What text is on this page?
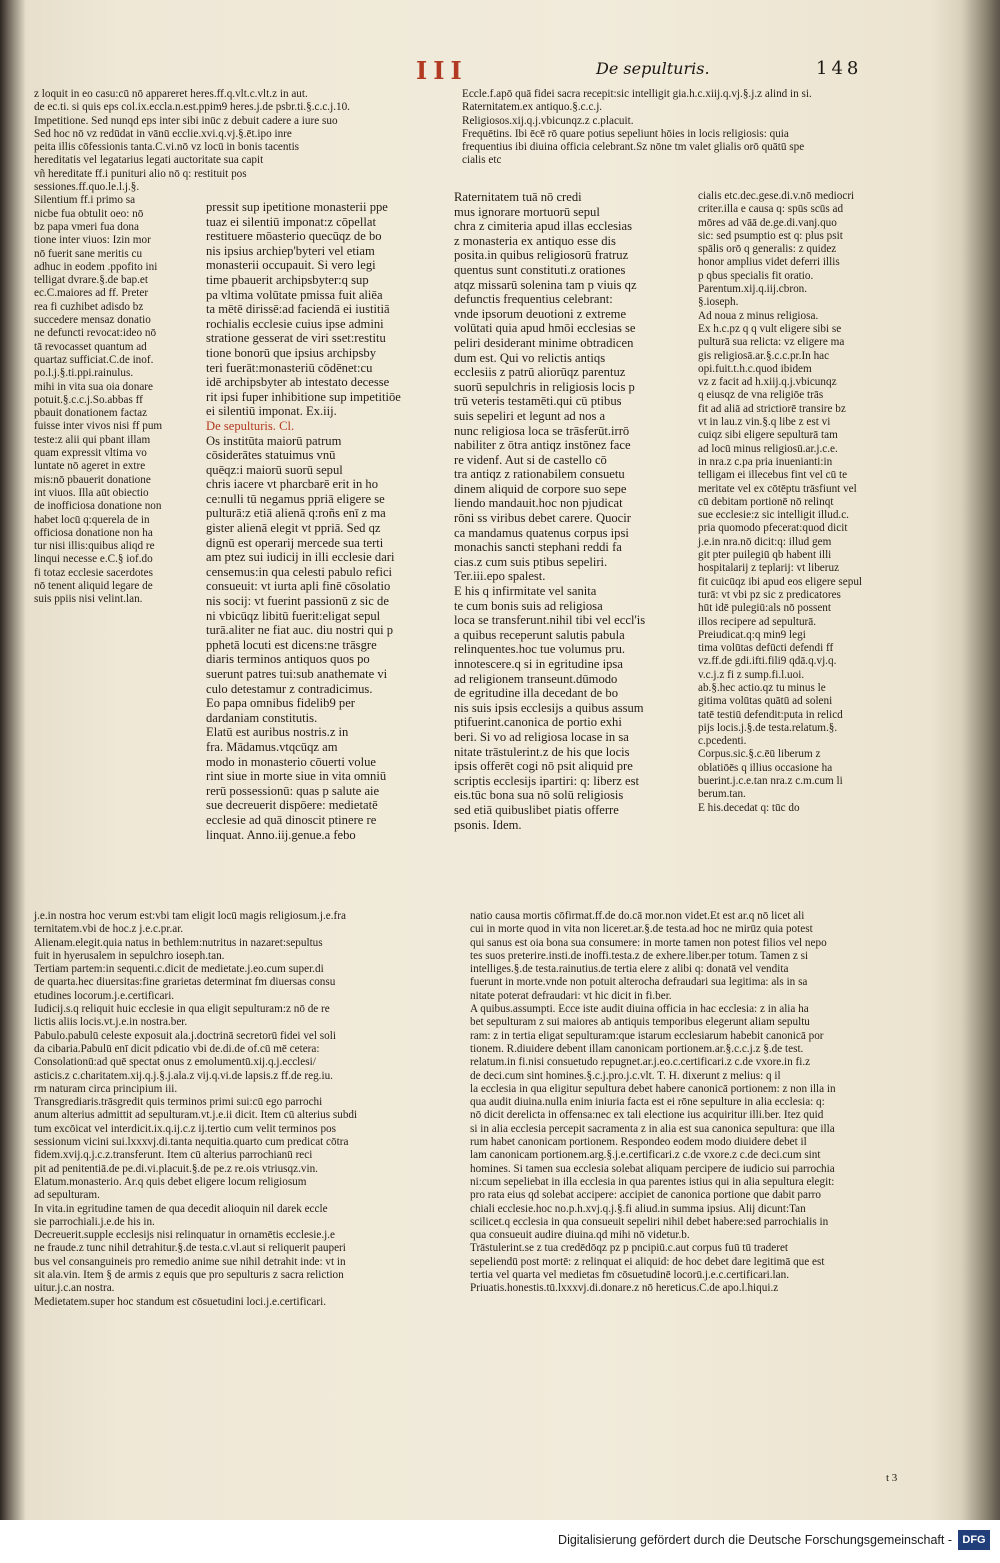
III	De sepulturis.	148

z loquit in eo casu:cū nō appareret heres.ff.q.vlt.c.vlt.z in aut.

de ec.ti. si quis eps col.ix.eccla.n.est.ppim9 heres.j.de psbr.ti.§.c.c.j.10.

Impetitione. Sed nunqd eps inter sibi inūc z debuit cadere a iure suo

Sed hoc nō vz redūdat in vānū ecclie.xvi.q.vj.§.ēt.ipo inre

peita illis cōfessionis tanta.C.vi.nō vz locū in bonis tacentis

hereditatis vel legatarius legati auctoritate sua capit

vñ hereditate ff.i punituri alio nō q: restituit pos

sessiones.ff.quo.le.l.j.§.

Silentium ff.i primo sa

nicbe fua obtulit oeo: nō

bz papa vmeri fua dona

tione inter viuos: Izin mor

nō fuerit sane meritis cu

adhuc in eodem .ppofito ini

telligat dvrare.§.de bap.et

ec.C.maiores ad ff. Preter

rea fi cuzhibet adisdo bz

succedere mensaz donatio

ne defuncti revocat:ideo nō

tā revocasset quantum ad

quartaz sufficiat.C.de inof.

po.l.j.§.ti.ppi.rainulus.

mihi in vita sua oia donare

potuit.§.c.c.j.So.abbas ff

pbauit donationem factaz

fuisse inter vivos nisi ff pum

teste:z alii qui pbant illam

quam expressit vltima vo

luntate nō ageret in extre

mis:nō pbauerit donatione

int viuos. Illa aūt obiectio

de inofficiosa donatione non

habet locū q:querela de in

officiosa donatione non ha

tur nisi illis:quibus aliqd re

linqui necesse e.C.§ iof.do

fi totaz ecclesie sacerdotes

nō tenent aliquid legare de

suis ppiis nisi velint.lan.

Eccle.f.apō quā fidei sacra recepit:sic intelligit gia.h.c.xiij.q.vj.§.j.z alind in si.

Raternitatem.ex antiquo.§.c.c.j.

Religiosos.xij.q.j.vbicunqz.z c.placuit.

Frequētins. Ibi ēcē rō quare potius sepeliunt hōies in locis religiosis: quia

frequentius ibi diuina officia celebrant.Sz nōne tm valet glialis orō quātū spe

cialis etc

pressit sup ipetitione monasterii ppe

tuaz ei silentiū imponat:z cōpellat

restituere mōasterio quecūqz de bo

nis ipsius archiep'byteri vel etiam

monasterii occupauit. Si vero legi

time pbauerit archipsbyter:q sup

pa vltima volūtate pmissa fuit aliēa

ta mētē dirissē:ad faciendā ei iustitiā

rochialis ecclesie cuius ipse admini

stratione gesserat de viri sset:restitu

tione bonorū que ipsius archipsby

teri fuerāt:monasteriū cōdēnet:cu

idē archipsbyter ab intestato decesse

rit ipsi fuper inhibitione sup impetitiōe

ei silentiū imponat. Ex.iij.

De sepulturis. Cl.

Os institūta maiorū patrum

cōsiderātes statuimus vnū

quēqz:i maiorū suorū sepul

chris iacere vt pharcbarē erit in ho

ce:nulli tū negamus ppriā eligere se

pulturā:z etiā alienā q:roñs enī z ma

gister alienā elegit vt ppriā. Sed qz

dignū est operarij mercede sua terti

am ptez sui iudicij in illi ecclesie dari

censemus:in qua celesti pabulo refici

consueuit: vt iurta apli finē cōsolatio

nis socij: vt fuerint passionū z sic de

ni vbicūqz libitū fuerit:eligat sepul

turā.aliter ne fiat auc. diu nostri qui p

pphetā locuti est dicens:ne trāsgre

diaris terminos antiquos quos po

suerunt patres tui:sub anathemate vi

culo detestamur z contradicimus.

Eo papa omnibus fidelib9 per

dardaniam constitutis.

Elatū est auribus nostris.z in

fra. Mādamus.vtqcūqz am

modo in monasterio cōuerti volue

rint siue in morte siue in vita omniū

rerū possessionū: quas p salute aie

sue decreuerit dispōere: medietatē

ecclesie ad quā dinoscit ptinere re

linquat. Anno.iij.genue.a febo

Raternitatem tuā nō credi

mus ignorare mortuorū sepul

chra z cimiteria apud illas ecclesias

z monasteria ex antiquo esse dis

posita.in quibus religiosorū fratruz

quentus sunt constituti.z orationes

atqz missarū solenina tam p viuis qz

defunctis frequentius celebrant:

vnde ipsorum deuotioni z extreme

volūtati quia apud hmōi ecclesias se

peliri desiderant minime obtradicen

dum est. Qui vo relictis antiqs

ecclesiis z patrū aliorūqz parentuz

suorū sepulchris in religiosis locis p

trū veteris testamēti.qui cū ptibus

suis sepeliri et legunt ad nos a

nunc religiosa loca se trāsferūt.irrō

nabiliter z ōtra antiqz instōnez face

re videnf. Aut si de castello cō

tra antiqz z rationabilem consuetu

dinem aliquid de corpore suo sepe

liendo mandauit.hoc non pjudicat

rōni ss viribus debet carere. Quocir

ca mandamus quatenus corpus ipsi

monachis sancti stephani reddi fa

cias.z cum suis ptibus sepeliri.

Ter.iii.epo spalest.

E his q infirmitate vel sanita

te cum bonis suis ad religiosa

loca se transferunt.nihil tibi vel eccl'is

a quibus receperunt salutis pabula

relinquentes.hoc tue volumus pru.

innotescere.q si in egritudine ipsa

ad religionem transeunt.dūmodo

de egritudine illa decedant de bo

nis suis ipsis ecclesijs a quibus assum

ptifuerint.canonica de portio exhi

beri. Si vo ad religiosa locase in sa

nitate trāstulerint.z de his que locis

ipsis offerēt cogi nō psit aliquid pre

scriptis ecclesijs ipartiri: q: liberz est

eis.tūc bona sua nō solū religiosis

sed etiā quibuslibet piatis offerre

psonis. Idem.

cialis etc.dec.gese.di.v.nō mediocri

criter.illa e causa q: spūs scūs ad

mōres ad vāā de.ge.di.vanj.quo

sic: sed psumptio est q: plus psit

spālis orō q generalis: z quidez

honor amplius videt deferri illis

p qbus specialis fit oratio.

Parentum.xij.q.iij.cbron.

§.ioseph.

Ad noua z minus religiosa.

Ex h.c.pz q q vult eligere sibi se

pulturā sua relicta: vz eligere ma

gis religiosā.ar.§.c.c.pr.In hac

opi.fuit.t.h.c.quod ibidem

vz z facit ad h.xiij.q.j.vbicunqz

q eiusqz de vna religiōe trās

fit ad aliā ad strictiorē transire bz

vt in lau.z vin.§.q libe z est vi

cuiqz sibi eligere sepulturā tam

ad locū minus religiosū.ar.j.c.e.

in nra.z c.pa pria inuenianti:in

telligam ei illecebus fint vel cū te

meritate vel ex cōtēptu trāsfiunt vel

cū debitam portionē nō relinqt

sue ecclesie:z sic intelligit illud.c.

pria quomodo pfecerat:quod dicit

j.e.in nra.nō dicit:q: illud gem

git pter puilegiū qb habent illi

hospitalarij z teplarij: vt liberuz

fit cuicūqz ibi apud eos eligere sepul

turā: vt vbi pz sic z predicatores

hūt idē pulegiū:als nō possent

illos recipere ad sepulturā.

Preiudicat.q:q min9 legi

tima volūtas defūcti defendi ff

vz.ff.de gdi.ifti.fili9 qdā.q.vj.q.

v.c.j.z fi z sump.fi.l.uoi.

ab.§.hec actio.qz tu minus le

gitima volūtas quātū ad soleni

tatē testiū defendit:puta in relicd

pijs locis.j.§.de testa.relatum.§.

c.pcedenti.

Corpus.sic.§.c.ēū liberum z

oblatiōēs q illius occasione ha

buerint.j.c.e.tan nra.z c.m.cum li

berum.tan.

E his.decedat q: tūc do

j.e.in nostra hoc verum est:vbi tam eligit locū magis religiosum.j.e.fra

ternitatem.vbi de hoc.z j.e.c.pr.ar.

Alienam.elegit.quia natus in bethlem:nutritus in nazaret:sepultus

fuit in hyerusalem in sepulchro ioseph.tan.

Tertiam partem:in sequenti.c.dicit de medietate.j.eo.cum super.di

de quarta.hec diuersitas:fine grarietas determinat fm diuersas consu

etudines locorum.j.e.certificari.

Iudicij.s.q reliquit huic ecclesie in qua eligit sepulturam:z nō de re

lictis aliis locis.vt.j.e.in nostra.ber.

Pabulo.pabulū celeste exposuit ala.j.doctrinā secretorū fidei vel soli

da cibaria.Pabulū enī dicit pdicatio vbi de.di.de of.cū mē cetera:

Consolationū:ad quē spectat onus z emolumentū.xij.q.j.ecclesi/

asticis.z c.charitatem.xij.q.j.§.j.ala.z vij.q.vi.de lapsis.z ff.de reg.iu.

rm naturam circa principium iii.

Transgrediaris.trāsgredit quis terminos primi sui:cū ego parrochi

anum alterius admittit ad sepulturam.vt.j.e.ii dicit. Item cū alterius subdi

tum excōicat vel interdicit.ix.q.ij.c.z ij.tertio cum velit terminos pos

sessionum vicini sui.lxxxvj.di.tanta nequitia.quarto cum predicat cōtra

fidem.xvij.q.j.c.z.transferunt. Item cū alterius parrochianū reci

pit ad penitentiā.de pe.di.vi.placuit.§.de pe.z re.ois vtriusqz.vin.

Elatum.monasterio. Ar.q quis debet eligere locum religiosum

ad sepulturam.

In vita.in egritudine tamen de qua decedit alioquin nil darek eccle

sie parrochiali.j.e.de his in.

Decreuerit.supple ecclesijs nisi relinquatur in ornamētis ecclesie.j.e

ne fraude.z tunc nihil detrahitur.§.de testa.c.vl.aut si reliquerit pauperi

bus vel consanguineis pro remedio anime sue nihil detrahit inde: vt in

sit ala.vin. Item § de armis z equis que pro sepulturis z sacra reliction

uitur.j.c.an nostra.

Medietatem.super hoc standum est cōsuetudini loci.j.e.certificari.

natio causa mortis cōfirmat.ff.de do.cā mor.non videt.Et est ar.q nō licet ali

cui in morte quod in vita non liceret.ar.§.de testa.ad hoc ne mirūz quia potest

qui sanus est oia bona sua consumere: in morte tamen non potest filios vel nepo

tes suos preterire.insti.de inoffi.testa.z de exhere.liber.per totum. Tamen z si

intelliges.§.de testa.rainutius.de tertia elere z alibi q: donatā vel vendita

fuerunt in morte.vnde non potuit alterocha defraudari sua legitima: als in sa

nitate poterat defraudari: vt hic dicit in fi.ber.

A quibus.assumpti. Ecce iste audit diuina officia in hac ecclesia: z in alia ha

bet sepulturam z sui maiores ab antiquis temporibus elegerunt aliam sepultu

ram: z in tertia eligat sepulturam:que istarum ecclesiarum habebit canonicā por

tionem. R.diuidere debent illam canonicam portionem.ar.§.c.c.j.z §.de test.

relatum.in fi.nisi consuetudo repugnet.ar.j.eo.c.certificari.z c.de vxore.in fi.z

de deci.cum sint homines.§.c.j.pro.j.c.vlt. T. H. dixerunt z melius: q il

la ecclesia in qua eligitur sepultura debet habere canonicā portionem: z non illa in

qua audit diuina.nulla enim iniuria facta est ei rōne sepulture in alia ecclesia: q:

nō dicit derelicta in offensa:nec ex tali electione ius acquiritur illi.ber. Itez quid

si in alia ecclesia percepit sacramenta z in alia est sua canonica sepultura: que illa

rum habet canonicam portionem. Respondeo eodem modo diuidere debet il

lam canonicam portionem.arg.§.j.e.certificari.z c.de vxore.z c.de deci.cum sint

homines. Si tamen sua ecclesia solebat aliquam percipere de iudicio sui parrochia

ni:cum sepeliebat in illa ecclesia in qua parentes istius qui in alia sepultura elegit:

pro rata eius qd solebat accipere: accipiet de canonica portione que dabit parro

chiali ecclesie.hoc no.p.h.xvj.q.j.§.fi aliud.in summa ipsius. Alij dicunt:Tan

scilicet.q ecclesia in qua consueuit sepeliri nihil debet habere:sed parrochialis in

qua consueuit audire diuina.qd mihi nō videtur.b.

Trāstulerint.se z tua credēdōqz pz p pncipiū.c.aut corpus fuū tū traderet

sepeliendū post mortē: z relinquat ei aliquid: de hoc debet dare legitimā que est

tertia vel quarta vel medietas fm cōsuetudinē locorū.j.e.c.certificari.lan.

Priuatis.honestis.tū.lxxxvj.di.donare.z nō hereticus.C.de apo.l.hiqui.z

t 3
Digitalisierung gefördert durch die Deutsche Forschungsgemeinschaft - DFG
